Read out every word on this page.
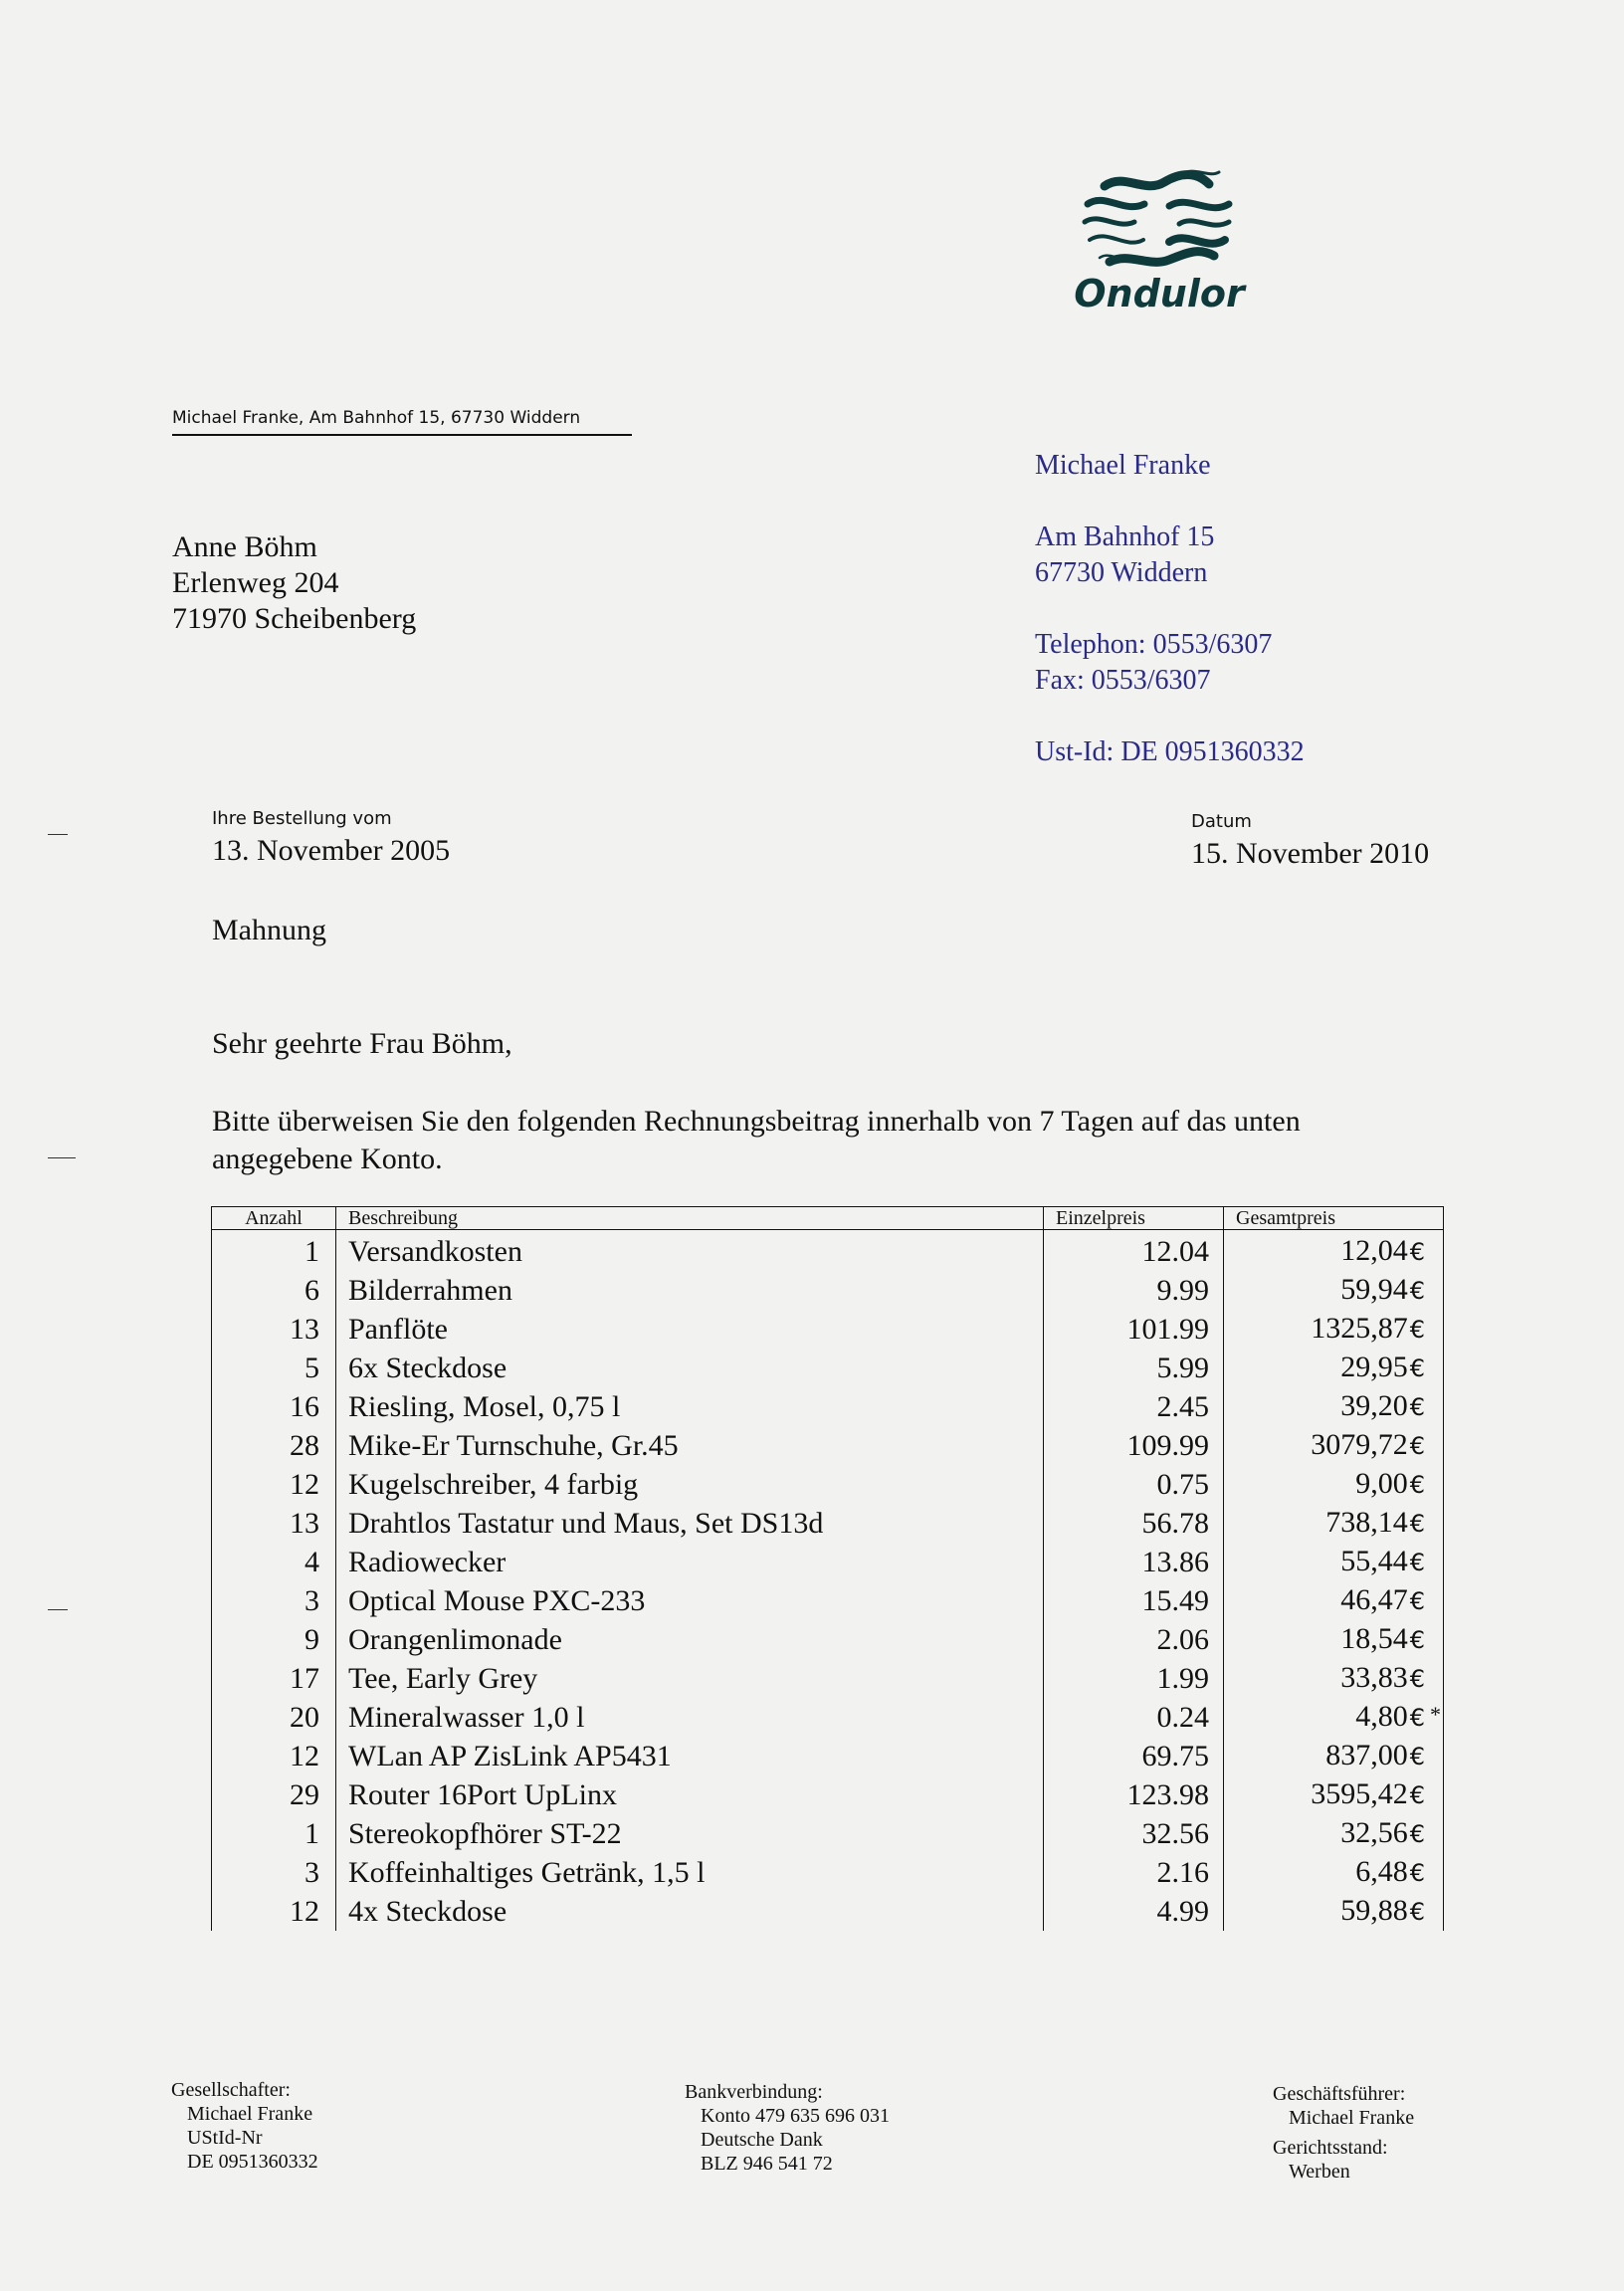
Ondulor
Michael Franke, Am Bahnhof 15, 67730 Widdern
Anne Böhm
Erlenweg 204
71970 Scheibenberg
Michael Franke
Am Bahnhof 15
67730 Widdern
Telephon: 0553/6307
Fax: 0553/6307
Ust-Id: DE 0951360332
Ihre Bestellung vom
13. November 2005
Datum
15. November 2010
Mahnung
Sehr geehrte Frau Böhm,
Bitte überweisen Sie den folgenden Rechnungsbeitrag innerhalb von 7 Tagen auf das unten angegebene Konto.
Anzahl	Beschreibung	Einzelpreis	Gesamtpreis
1	Versandkosten	12.04	12,04€
6	Bilderrahmen	9.99	59,94€
13	Panflöte	101.99	1325,87€
5	6x Steckdose	5.99	29,95€
16	Riesling, Mosel, 0,75 l	2.45	39,20€
28	Mike-Er Turnschuhe, Gr.45	109.99	3079,72€
12	Kugelschreiber, 4 farbig	0.75	9,00€
13	Drahtlos Tastatur und Maus, Set DS13d	56.78	738,14€
4	Radiowecker	13.86	55,44€
3	Optical Mouse PXC-233	15.49	46,47€
9	Orangenlimonade	2.06	18,54€
17	Tee, Early Grey	1.99	33,83€
20	Mineralwasser 1,0 l	0.24	4,80€ *

12	WLan AP ZisLink AP5431	69.75	837,00€
29	Router 16Port UpLinx	123.98	3595,42€
1	Stereokopfhörer ST-22	32.56	32,56€
3	Koffeinhaltiges Getränk, 1,5 l	2.16	6,48€
12	4x Steckdose	4.99	59,88€
Gesellschafter:
Michael Franke
UStId-Nr
DE 0951360332
Bankverbindung:
Konto 479 635 696 031
Deutsche Dank
BLZ 946 541 72
Geschäftsführer:
Michael Franke
Gerichtsstand:
Werben
